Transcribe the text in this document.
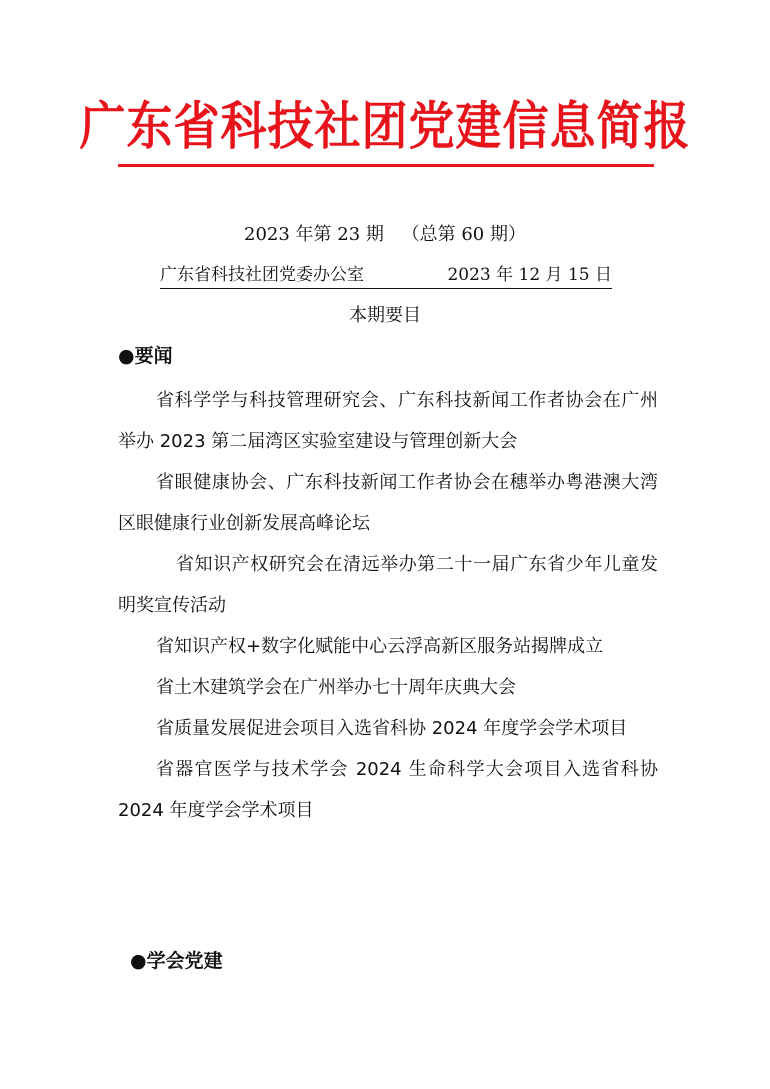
广东省科技社团党建信息简报
2023 年第 23 期 （总第 60 期）
广东省科技社团党委办公室	2023 年 12 月 15 日
本期要目
●要闻

省科学学与科技管理研究会、广东科技新闻工作者协会在广州举办 2023 第二届湾区实验室建设与管理创新大会

省眼健康协会、广东科技新闻工作者协会在穗举办粤港澳大湾区眼健康行业创新发展高峰论坛

省知识产权研究会在清远举办第二十一届广东省少年儿童发明奖宣传活动

省知识产权+数字化赋能中心云浮高新区服务站揭牌成立

省土木建筑学会在广州举办七十周年庆典大会

省质量发展促进会项目入选省科协 2024 年度学会学术项目

省器官医学与技术学会 2024 生命科学大会项目入选省科协 2024 年度学会学术项目

●学会党建
